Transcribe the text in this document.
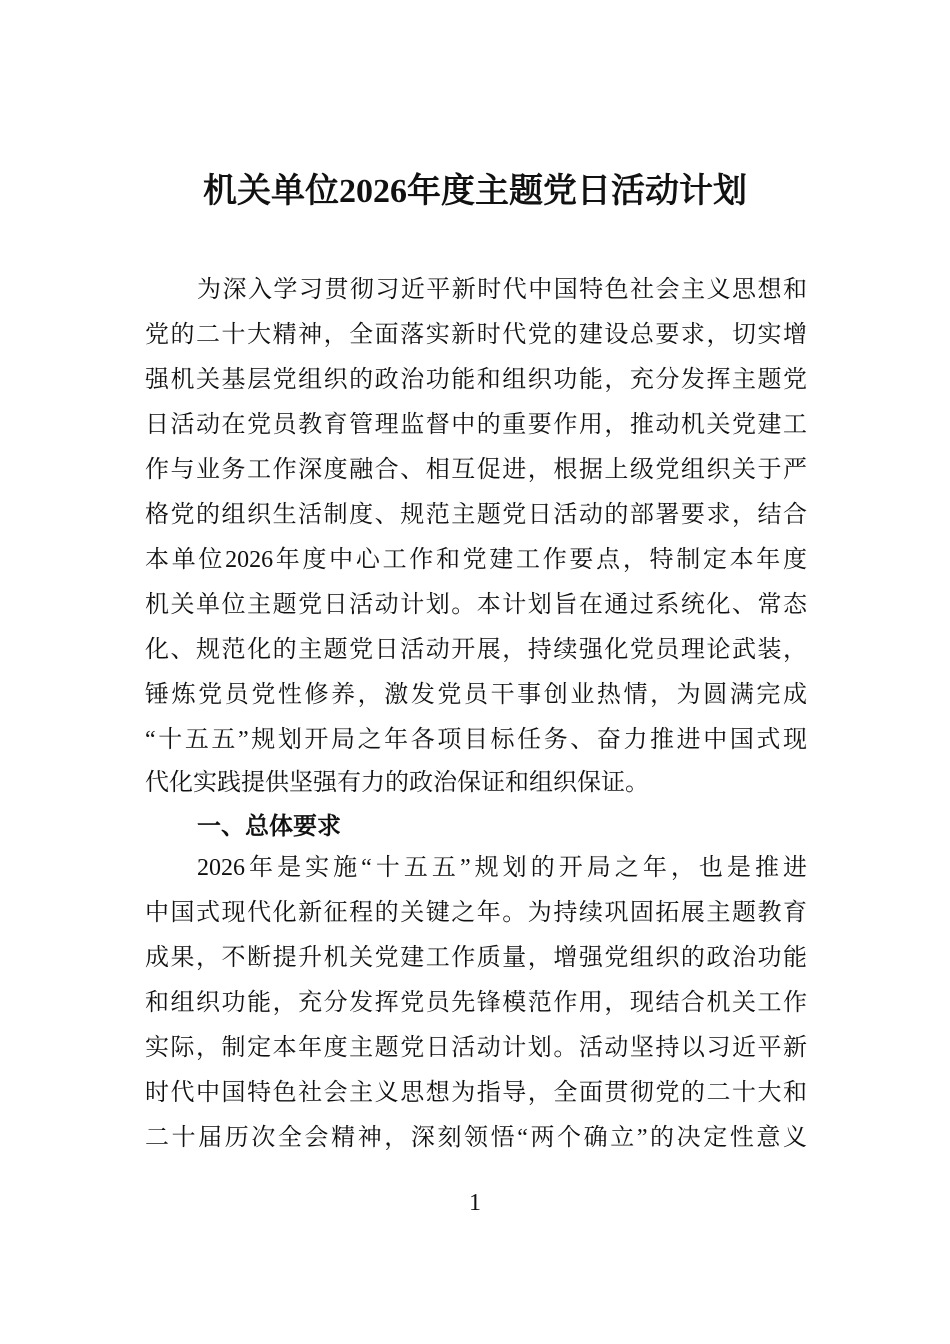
机关单位2026年度主题党日活动计划
为深入学习贯彻习近平新时代中国特色社会主义思想和
党的二十大精神，全面落实新时代党的建设总要求，切实增
强机关基层党组织的政治功能和组织功能，充分发挥主题党
日活动在党员教育管理监督中的重要作用，推动机关党建工
作与业务工作深度融合、相互促进，根据上级党组织关于严
格党的组织生活制度、规范主题党日活动的部署要求，结合
本单位2026年度中心工作和党建工作要点，特制定本年度
机关单位主题党日活动计划。本计划旨在通过系统化、常态
化、规范化的主题党日活动开展，持续强化党员理论武装，
锤炼党员党性修养，激发党员干事创业热情，为圆满完成
“十五五”规划开局之年各项目标任务、奋力推进中国式现
代化实践提供坚强有力的政治保证和组织保证。
一、总体要求
2026年是实施“十五五”规划的开局之年，也是推进
中国式现代化新征程的关键之年。为持续巩固拓展主题教育
成果，不断提升机关党建工作质量，增强党组织的政治功能
和组织功能，充分发挥党员先锋模范作用，现结合机关工作
实际，制定本年度主题党日活动计划。活动坚持以习近平新
时代中国特色社会主义思想为指导，全面贯彻党的二十大和
二十届历次全会精神，深刻领悟“两个确立”的决定性意义
1
